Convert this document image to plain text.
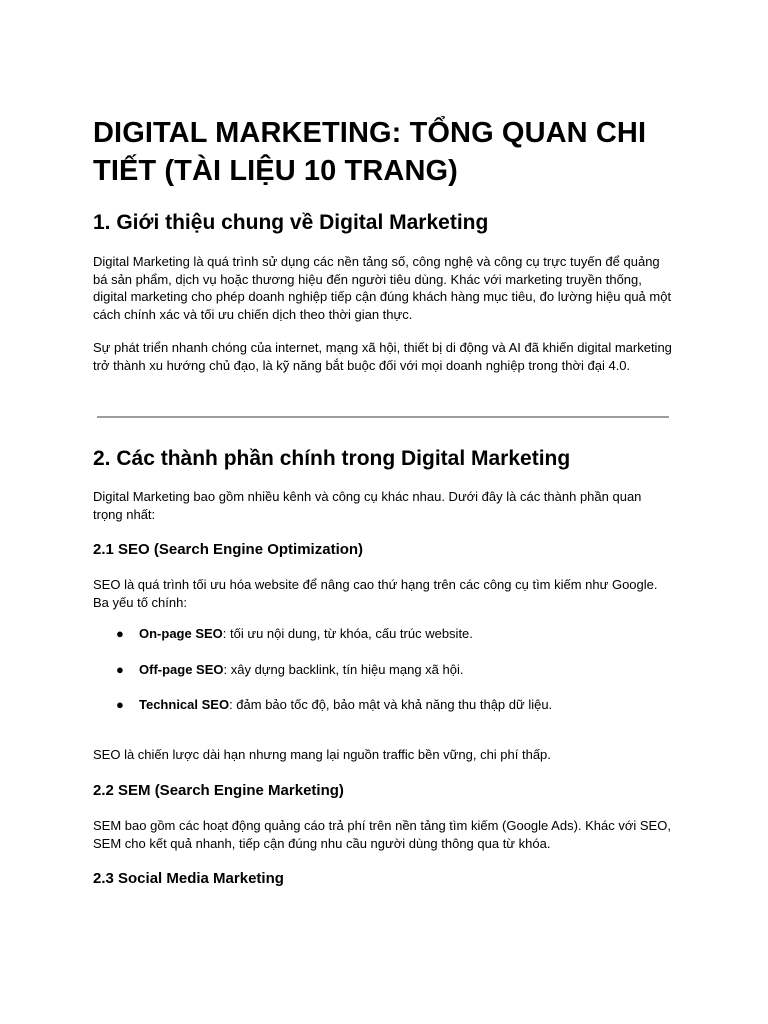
DIGITAL MARKETING: TỔNG QUAN CHI TIẾT (TÀI LIỆU 10 TRANG)
1. Giới thiệu chung về Digital Marketing

Digital Marketing là quá trình sử dụng các nền tảng số, công nghệ và công cụ trực tuyến để quảng bá sản phẩm, dịch vụ hoặc thương hiệu đến người tiêu dùng. Khác với marketing truyền thống, digital marketing cho phép doanh nghiệp tiếp cận đúng khách hàng mục tiêu, đo lường hiệu quả một cách chính xác và tối ưu chiến dịch theo thời gian thực.

Sự phát triển nhanh chóng của internet, mạng xã hội, thiết bị di động và AI đã khiến digital marketing trở thành xu hướng chủ đạo, là kỹ năng bắt buộc đối với mọi doanh nghiệp trong thời đại 4.0.

2. Các thành phần chính trong Digital Marketing

Digital Marketing bao gồm nhiều kênh và công cụ khác nhau. Dưới đây là các thành phần quan trọng nhất:

2.1 SEO (Search Engine Optimization)

SEO là quá trình tối ưu hóa website để nâng cao thứ hạng trên các công cụ tìm kiếm như Google. Ba yếu tố chính:

● On-page SEO: tối ưu nội dung, từ khóa, cấu trúc website.
● Off-page SEO: xây dựng backlink, tín hiệu mạng xã hội.
● Technical SEO: đảm bảo tốc độ, bảo mật và khả năng thu thập dữ liệu.

SEO là chiến lược dài hạn nhưng mang lại nguồn traffic bền vững, chi phí thấp.

2.2 SEM (Search Engine Marketing)

SEM bao gồm các hoạt động quảng cáo trả phí trên nền tảng tìm kiếm (Google Ads). Khác với SEO, SEM cho kết quả nhanh, tiếp cận đúng nhu cầu người dùng thông qua từ khóa.

2.3 Social Media Marketing
